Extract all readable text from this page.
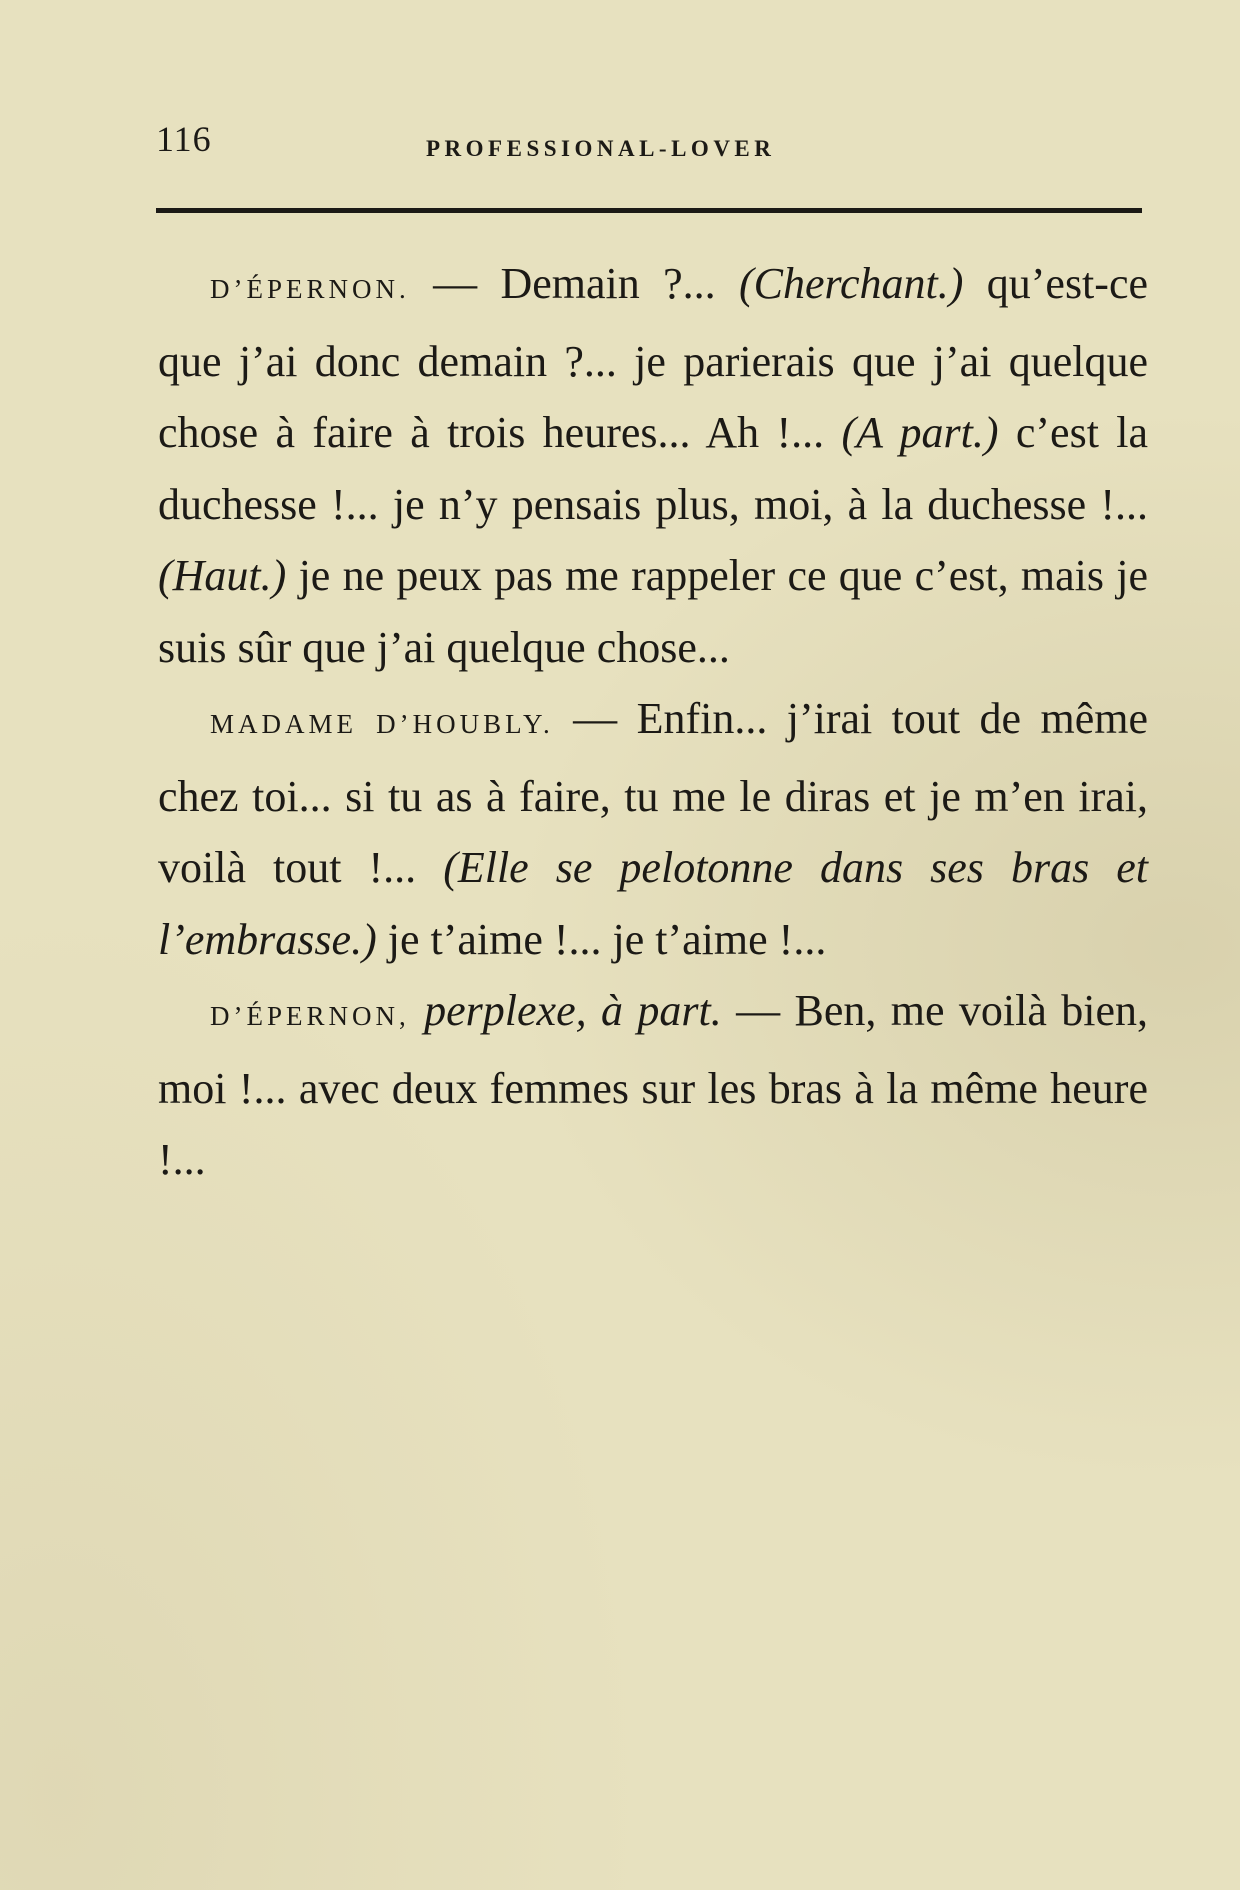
116	PROFESSIONAL-LOVER

D’ÉPERNON. — Demain ?... (Cherchant.) qu’est-ce que j’ai donc demain ?... je parierais que j’ai quelque chose à faire à trois heures... Ah !... (A part.) c’est la duchesse !... je n’y pensais plus, moi, à la duchesse !... (Haut.) je ne peux pas me rappeler ce que c’est, mais je suis sûr que j’ai quelque chose...

MADAME D’HOUBLY. — Enfin... j’irai tout de même chez toi... si tu as à faire, tu me le diras et je m’en irai, voilà tout !... (Elle se pelotonne dans ses bras et l’embrasse.) je t’aime !... je t’aime !...

D’ÉPERNON, perplexe, à part. — Ben, me voilà bien, moi !... avec deux femmes sur les bras à la même heure !...
